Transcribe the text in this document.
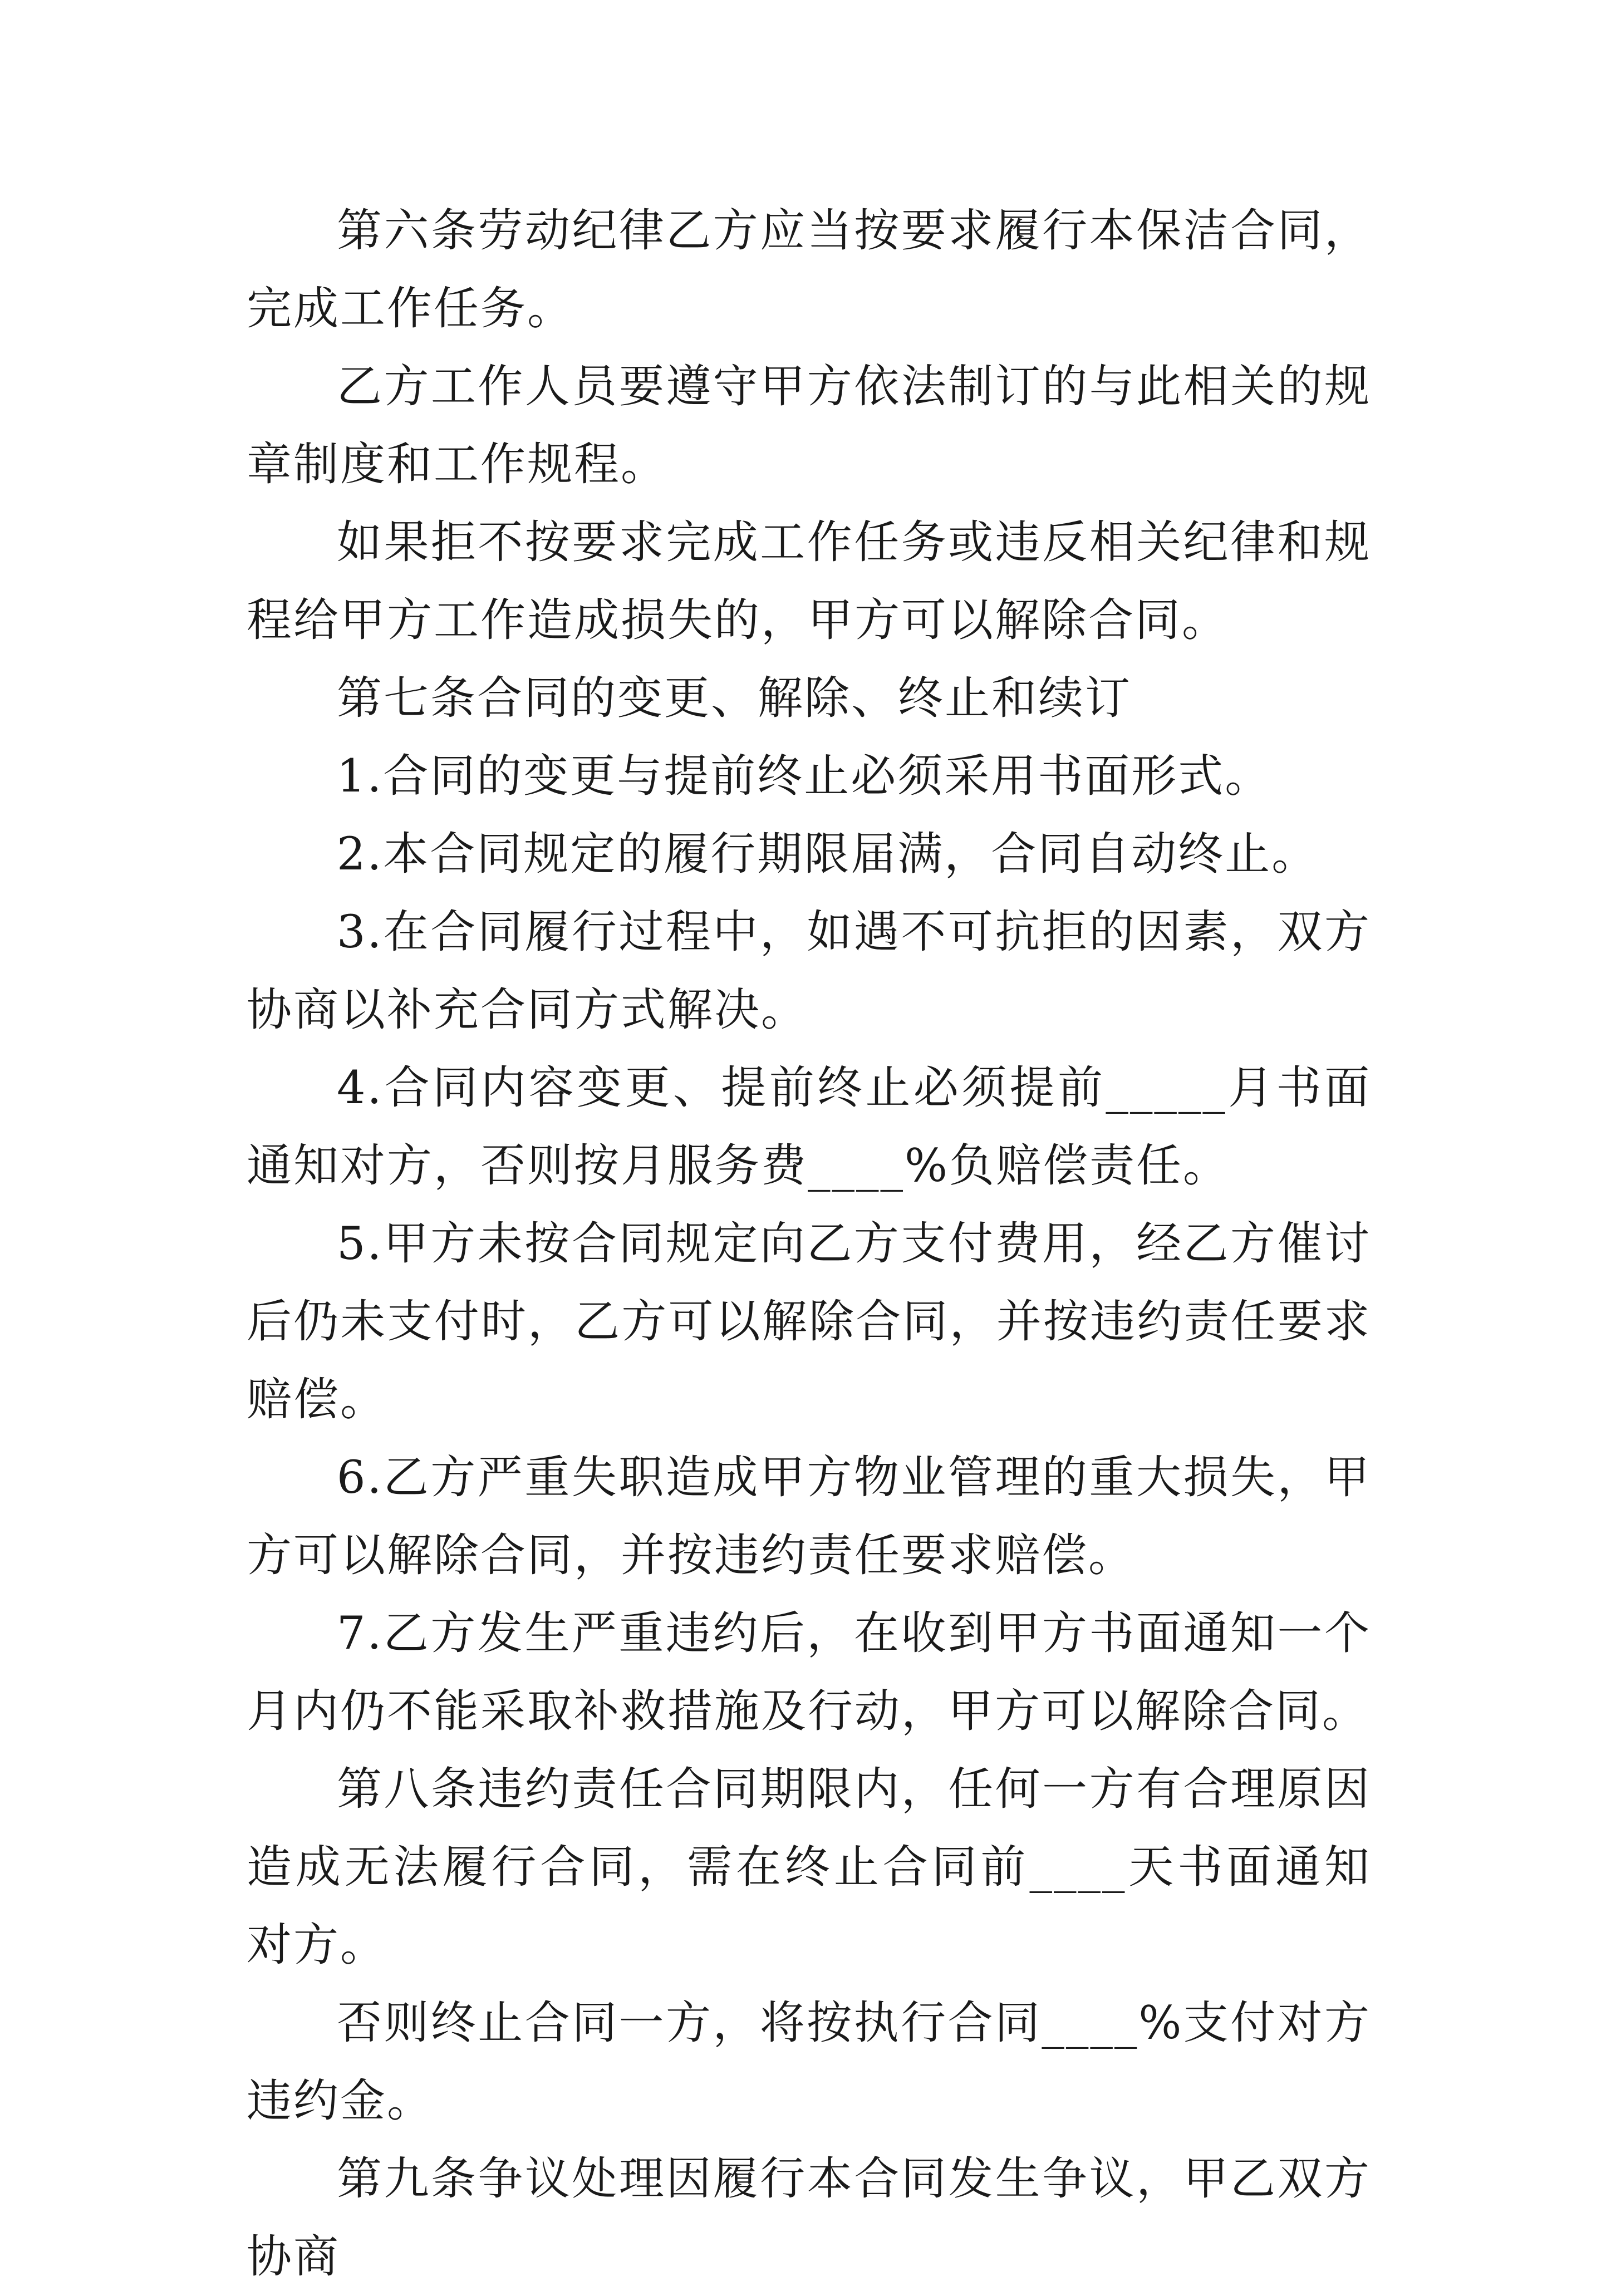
第六条劳动纪律乙方应当按要求履行本保洁合同，完成工作任务。

乙方工作人员要遵守甲方依法制订的与此相关的规章制度和工作规程。

如果拒不按要求完成工作任务或违反相关纪律和规程给甲方工作造成损失的，甲方可以解除合同。

第七条合同的变更、解除、终止和续订

1.合同的变更与提前终止必须采用书面形式。

2.本合同规定的履行期限届满，合同自动终止。

3.在合同履行过程中，如遇不可抗拒的因素，双方协商以补充合同方式解决。

4.合同内容变更、提前终止必须提前_____月书面通知对方，否则按月服务费____%负赔偿责任。

5.甲方未按合同规定向乙方支付费用，经乙方催讨后仍未支付时，乙方可以解除合同，并按违约责任要求赔偿。

6.乙方严重失职造成甲方物业管理的重大损失，甲方可以解除合同，并按违约责任要求赔偿。

7.乙方发生严重违约后，在收到甲方书面通知一个月内仍不能采取补救措施及行动，甲方可以解除合同。

第八条违约责任合同期限内，任何一方有合理原因造成无法履行合同，需在终止合同前____天书面通知对方。

否则终止合同一方，将按执行合同____%支付对方违约金。

第九条争议处理因履行本合同发生争议，甲乙双方协商
